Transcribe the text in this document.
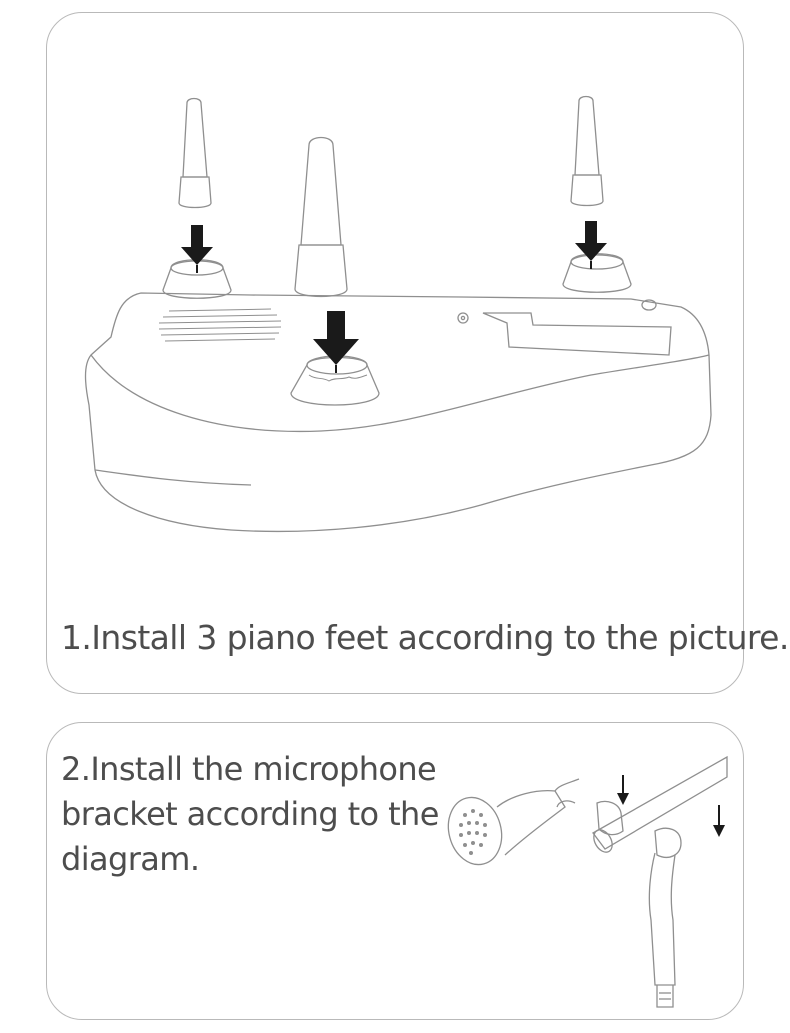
1.Install 3 piano feet according to the picture.

2.Install the microphone bracket according to the diagram.
